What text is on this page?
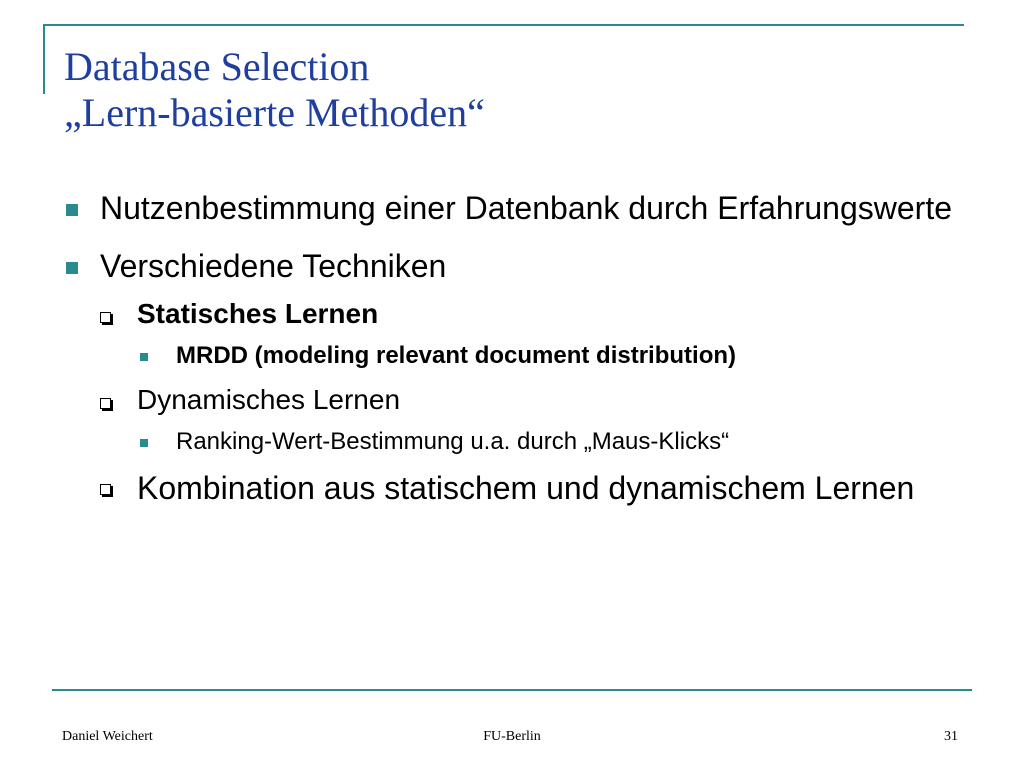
Database Selection
„Lern-basierte Methoden“
Nutzenbestimmung einer Datenbank durch Erfahrungswerte
Verschiedene Techniken
Statisches Lernen
MRDD (modeling relevant document distribution)
Dynamisches Lernen
Ranking-Wert-Bestimmung u.a. durch „Maus-Klicks“
Kombination aus statischem und dynamischem Lernen
Daniel Weichert	FU-Berlin	31
